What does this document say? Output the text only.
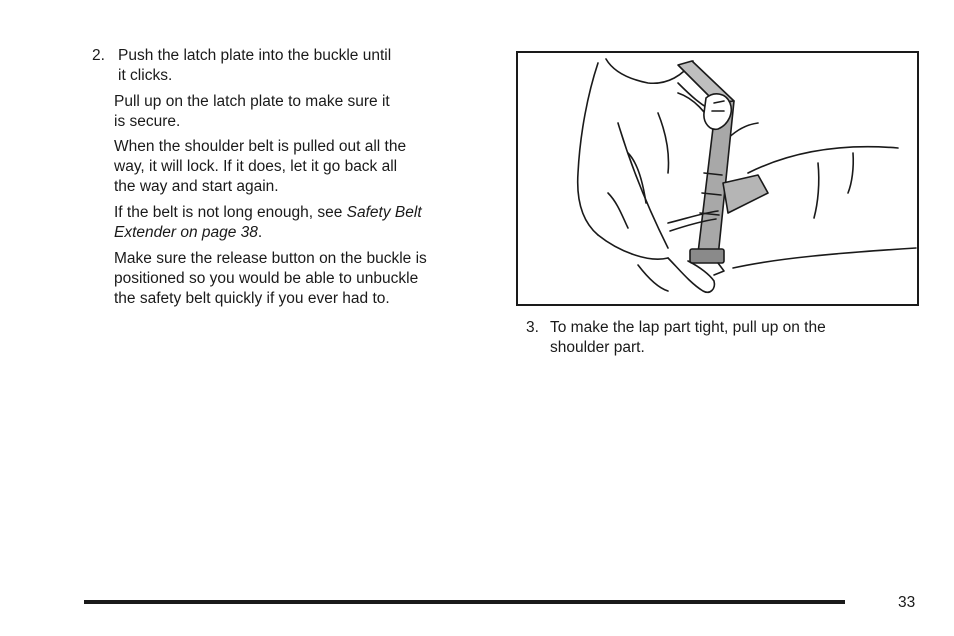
2. Push the latch plate into the buckle until
it clicks.
Pull up on the latch plate to make sure it
is secure.
When the shoulder belt is pulled out all the
way, it will lock. If it does, let it go back all
the way and start again.
If the belt is not long enough, see Safety Belt
Extender on page 38.
Make sure the release button on the buckle is
positioned so you would be able to unbuckle
the safety belt quickly if you ever had to.
3. To make the lap part tight, pull up on the
shoulder part.
33
